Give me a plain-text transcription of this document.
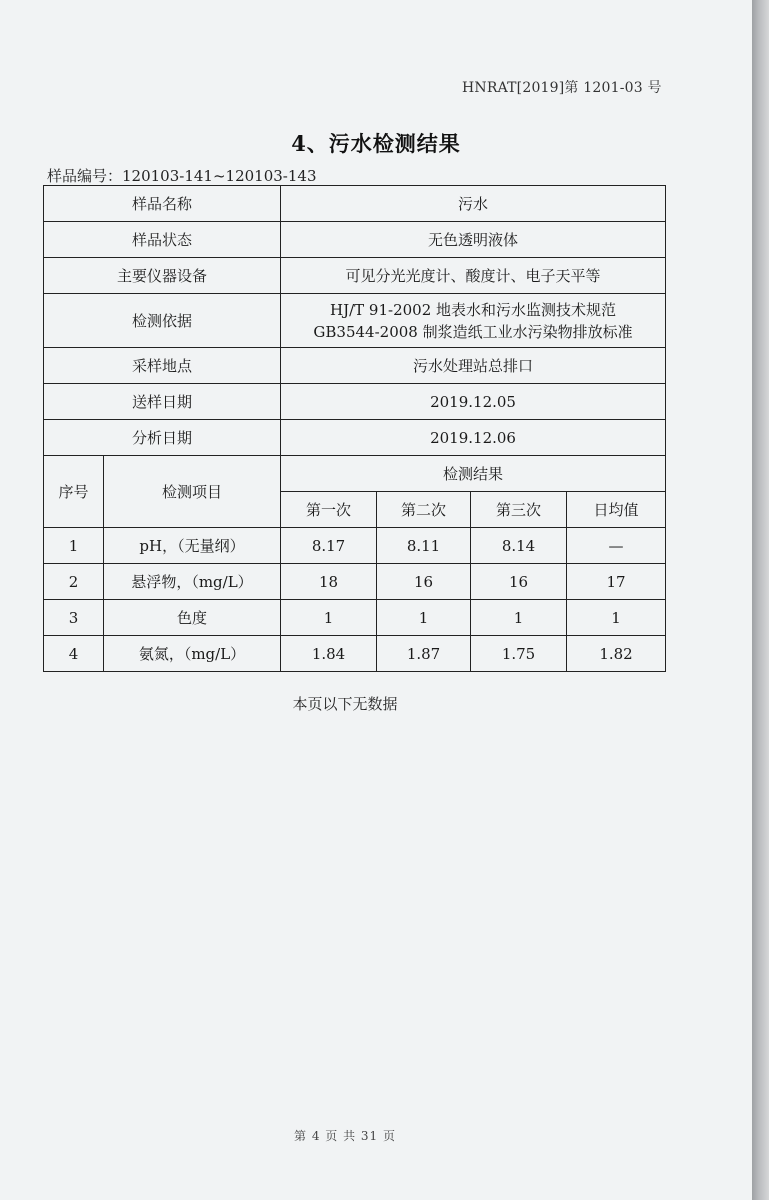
HNRAT[2019]第 1201-03 号
4、污水检测结果
样品编号：120103-141~120103-143
样品名称		污水			
样品状态		无色透明液体			
主要仪器设备		可见分光光度计、酸度计、电子天平等			
检测依据		HJ/T 91-2002 地表水和污水监测技术规范
GB3544-2008 制浆造纸工业水污染物排放标准			

采样地点		污水处理站总排口			
送样日期		2019.12.05			
分析日期		2019.12.06			
序号	检测项目	检测结果			
		第一次	第二次	第三次	日均值
1	pH，（无量纲）	8.17	8.11	8.14	—
2	悬浮物，（mg/L）	18	16	16	17
3	色度	1	1	1	1
4	氨氮，（mg/L）	1.84	1.87	1.75	1.82
本页以下无数据
第 4 页 共 31 页
